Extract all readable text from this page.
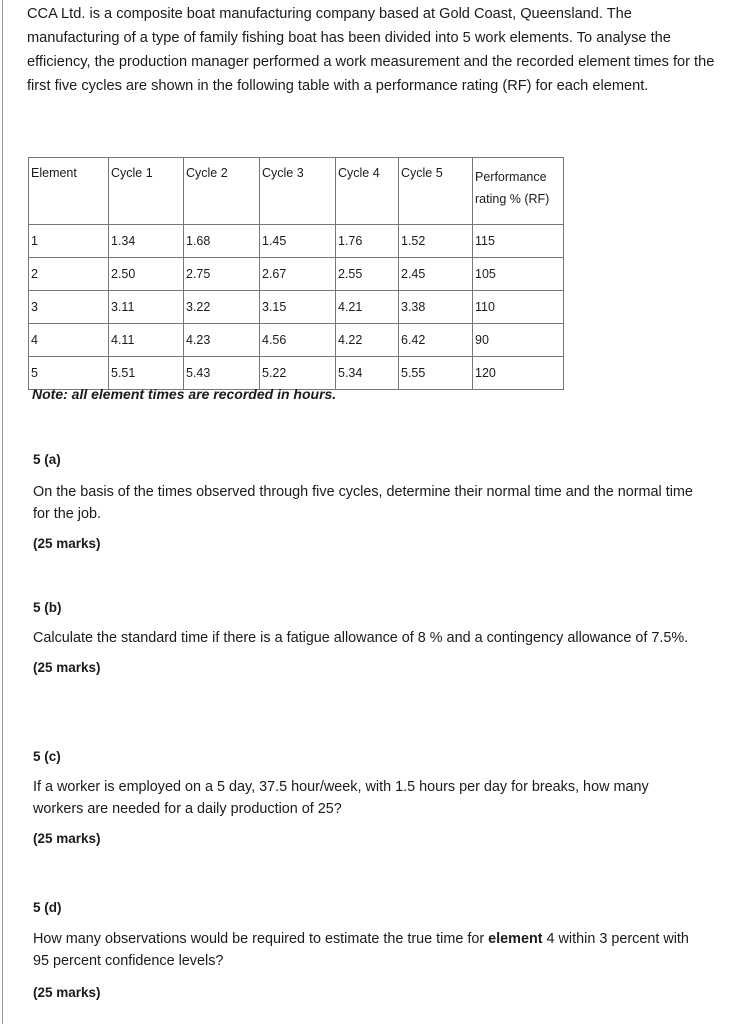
CCA Ltd. is a composite boat manufacturing company based at Gold Coast, Queensland. The manufacturing of a type of family fishing boat has been divided into 5 work elements. To analyse the efficiency, the production manager performed a work measurement and the recorded element times for the first five cycles are shown in the following table with a performance rating (RF) for each element.

Element	Cycle 1	Cycle 2	Cycle 3	Cycle 4	Cycle 5	Performance
rating % (RF)

1	1.34	1.68	1.45	1.76	1.52	115
2	2.50	2.75	2.67	2.55	2.45	105
3	3.11	3.22	3.15	4.21	3.38	110
4	4.11	4.23	4.56	4.22	6.42	90
5	5.51	5.43	5.22	5.34	5.55	120
Note: all element times are recorded in hours.
5 (a)
On the basis of the times observed through five cycles, determine their normal time and the normal time for the job.
(25 marks)
5 (b)
Calculate the standard time if there is a fatigue allowance of 8 % and a contingency allowance of 7.5%.
(25 marks)
5 (c)
If a worker is employed on a 5 day, 37.5 hour/week, with 1.5 hours per day for breaks, how many workers are needed for a daily production of 25?
(25 marks)
5 (d)
How many observations would be required to estimate the true time for element 4 within 3 percent with 95 percent confidence levels?
(25 marks)
